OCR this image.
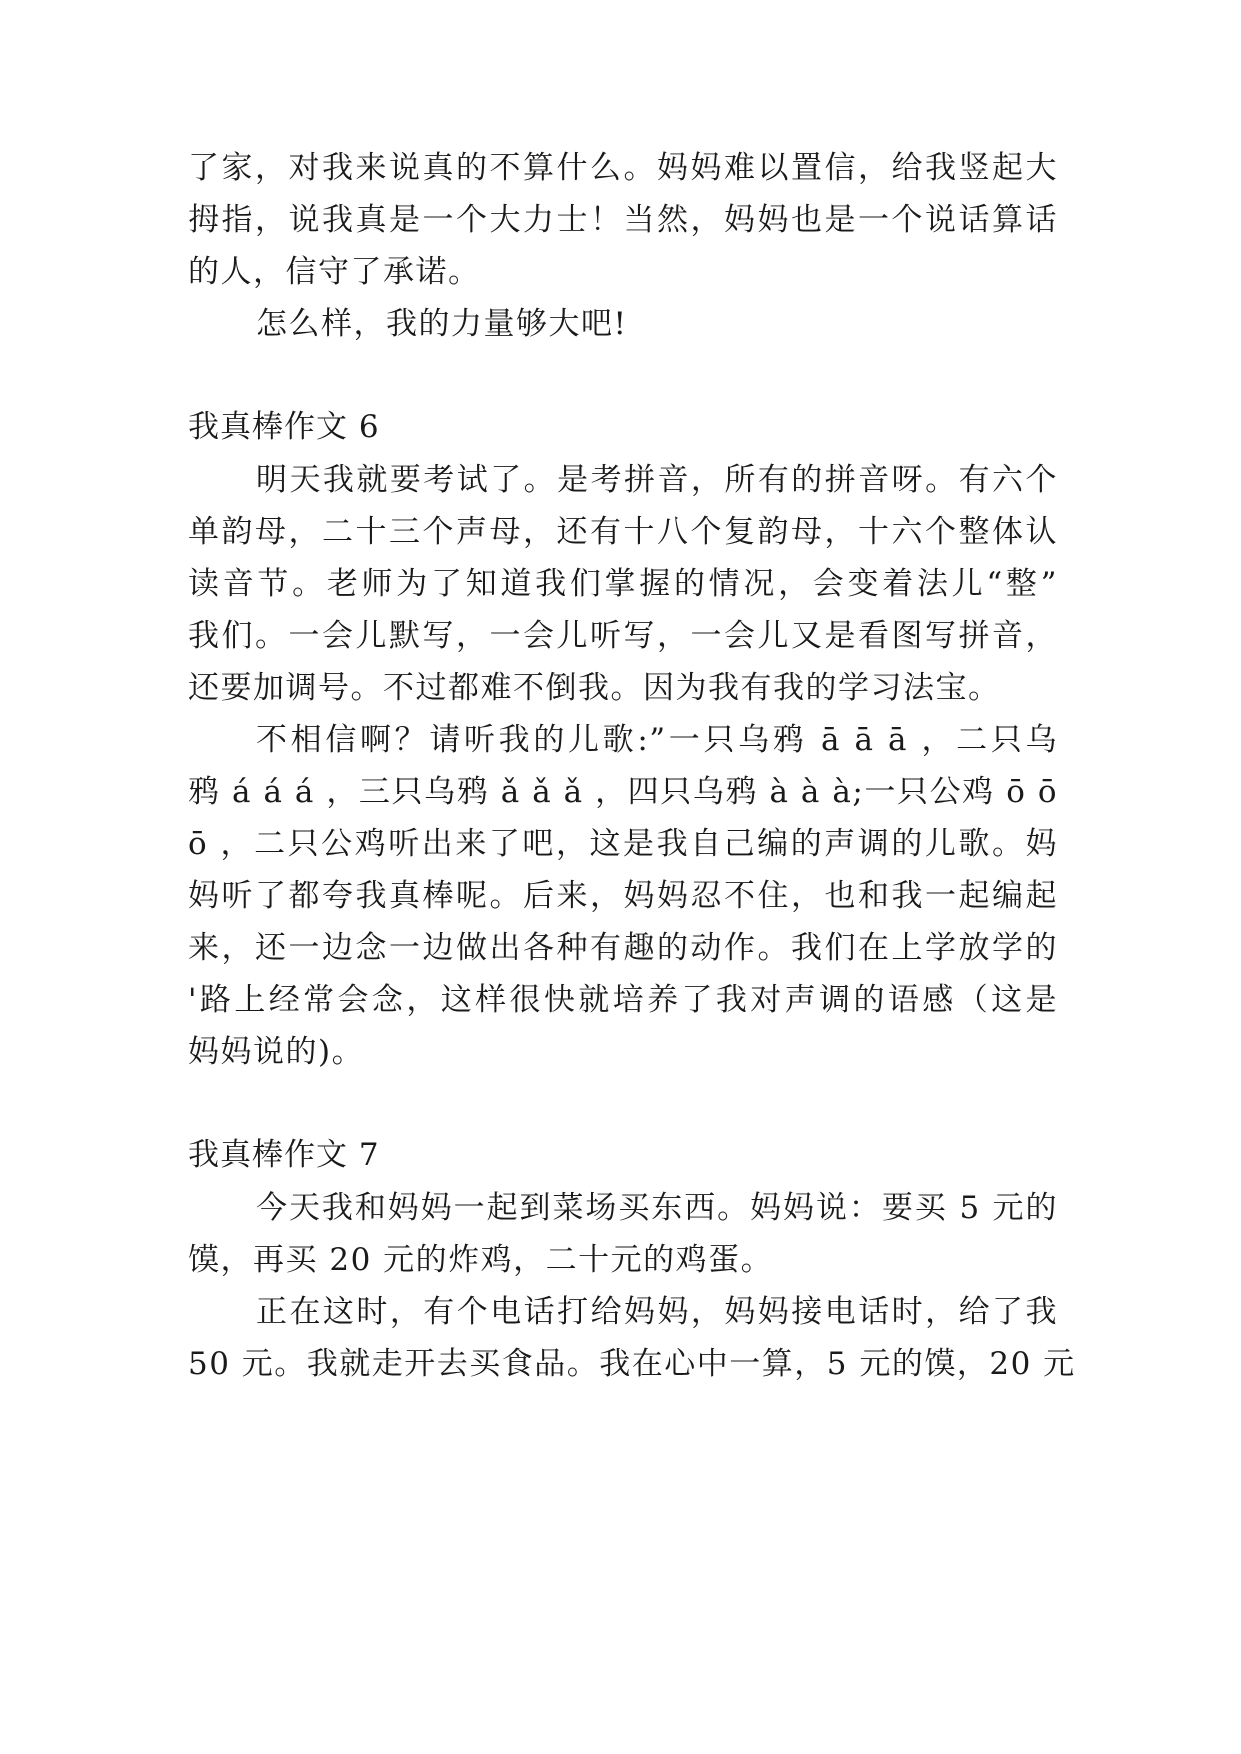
了家，对我来说真的不算什么。妈妈难以置信，给我竖起大
拇指，说我真是一个大力士！当然，妈妈也是一个说话算话
的人，信守了承诺。
怎么样，我的力量够大吧!
我真棒作文 6
明天我就要考试了。是考拼音，所有的拼音呀。有六个
单韵母，二十三个声母，还有十八个复韵母，十六个整体认
读音节。老师为了知道我们掌握的情况，会变着法儿“整”
我们。一会儿默写，一会儿听写，一会儿又是看图写拼音，
还要加调号。不过都难不倒我。因为我有我的学习法宝。
不相信啊？请听我的儿歌:”一只乌鸦 ā ā ā ，二只乌
鸦 á á á ，三只乌鸦 ǎ ǎ ǎ ，四只乌鸦 à à à;一只公鸡 ō ō
ō ，二只公鸡听出来了吧，这是我自己编的声调的儿歌。妈
妈听了都夸我真棒呢。后来，妈妈忍不住，也和我一起编起
来，还一边念一边做出各种有趣的动作。我们在上学放学的
'路上经常会念，这样很快就培养了我对声调的语感（这是
妈妈说的)。
我真棒作文 7
今天我和妈妈一起到菜场买东西。妈妈说：要买 5 元的
馍，再买 20 元的炸鸡，二十元的鸡蛋。
正在这时，有个电话打给妈妈，妈妈接电话时，给了我
50 元。我就走开去买食品。我在心中一算，5 元的馍，20 元
